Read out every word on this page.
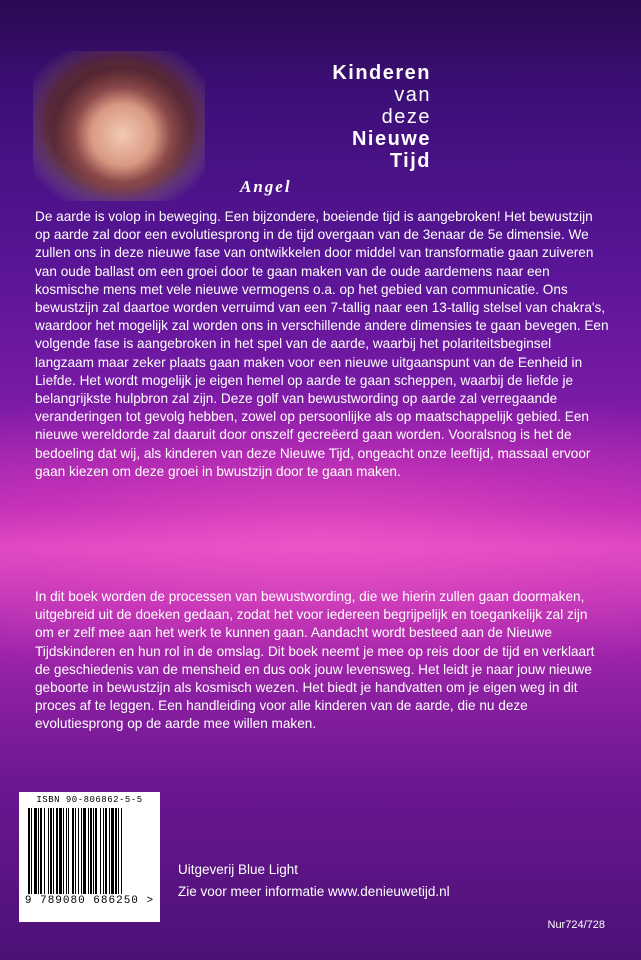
Kinderen
van
deze
Nieuwe
Tijd
Angel
De aarde is volop in beweging. Een bijzondere, boeiende tijd is aangebroken! Het bewustzijn op aarde zal door een evolutiesprong in de tijd overgaan van de 3enaar de 5e dimensie. We zullen ons in deze nieuwe fase van ontwikkelen door middel van transformatie gaan zuiveren van oude ballast om een groei door te gaan maken van de oude aardemens naar een kosmische mens met vele nieuwe vermogens o.a. op het gebied van communicatie. Ons bewustzijn zal daartoe worden verruimd van een 7-tallig naar een 13-tallig stelsel van chakra's, waardoor het mogelijk zal worden ons in verschillende andere dimensies te gaan bevegen. Een volgende fase is aangebroken in het spel van de aarde, waarbij het polariteitsbeginsel langzaam maar zeker plaats gaan maken voor een nieuwe uitgaanspunt van de Eenheid in Liefde. Het wordt mogelijk je eigen hemel op aarde te gaan scheppen, waarbij de liefde je belangrijkste hulpbron zal zijn. Deze golf van bewustwording op aarde zal verregaande veranderingen tot gevolg hebben, zowel op persoonlijke als op maatschappelijk gebied. Een nieuwe wereldorde zal daaruit door onszelf gecreëerd gaan worden. Vooralsnog is het de bedoeling dat wij, als kinderen van deze Nieuwe Tijd, ongeacht onze leeftijd, massaal ervoor gaan kiezen om deze groei in bwustzijn door te gaan maken.
In dit boek worden de processen van bewustwording, die we hierin zullen gaan doormaken, uitgebreid uit de doeken gedaan, zodat het voor iedereen begrijpelijk en toegankelijk zal zijn om er zelf mee aan het werk te kunnen gaan. Aandacht wordt besteed aan de Nieuwe Tijdskinderen en hun rol in de omslag. Dit boek neemt je mee op reis door de tijd en verklaart de geschiedenis van de mensheid en dus ook jouw levensweg. Het leidt je naar jouw nieuwe geboorte in bewustzijn als kosmisch wezen. Het biedt je handvatten om je eigen weg in dit proces af te leggen. Een handleiding voor alle kinderen van de aarde, die nu deze evolutiesprong op de aarde mee willen maken.
ISBN 90-806862-5-5
9 789080 686250 >
Uitgeverij Blue Light
Zie voor meer informatie www.denieuwetijd.nl
Nur724/728
